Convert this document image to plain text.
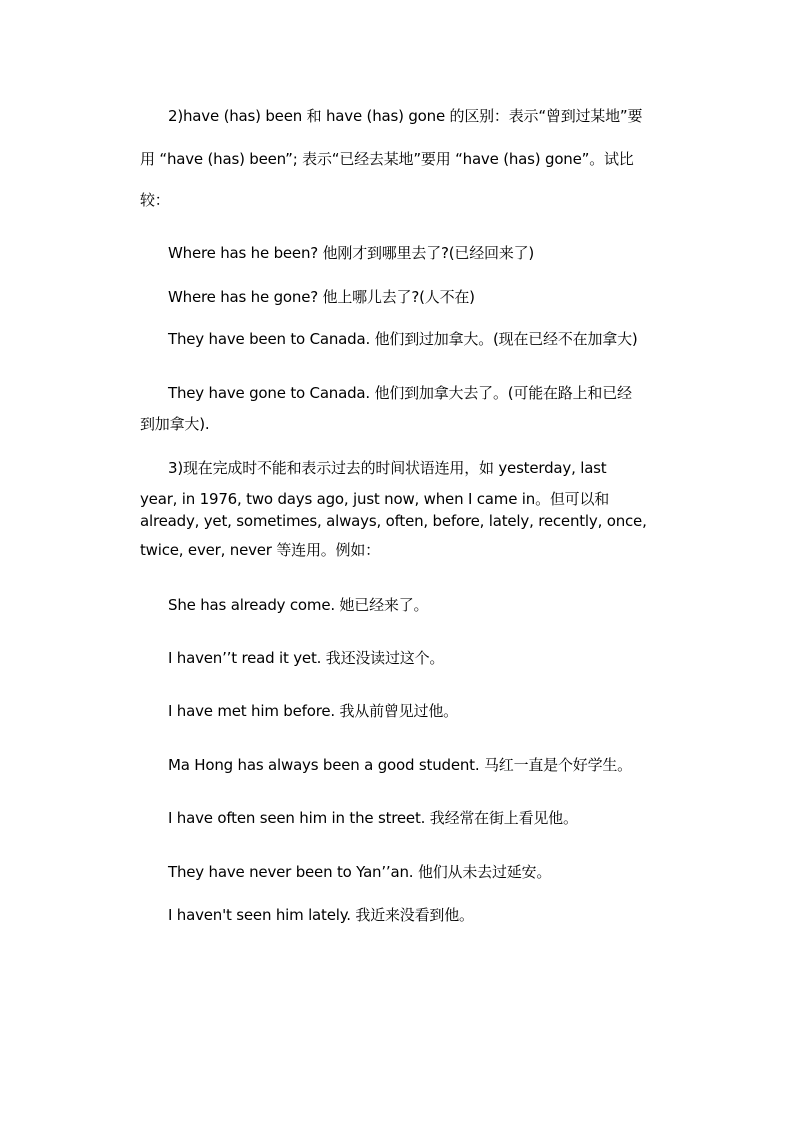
2)have (has) been 和 have (has) gone 的区别：表示“曾到过某地”要
用 “have (has) been”; 表示“已经去某地”要用 “have (has) gone”。试比
较：
Where has he been? 他刚才到哪里去了?(已经回来了)
Where has he gone? 他上哪儿去了?(人不在)
They have been to Canada. 他们到过加拿大。(现在已经不在加拿大)
They have gone to Canada. 他们到加拿大去了。(可能在路上和已经
到加拿大).
3)现在完成时不能和表示过去的时间状语连用，如 yesterday, last
year, in 1976, two days ago, just now, when I came in。但可以和
already, yet, sometimes, always, often, before, lately, recently, once,
twice, ever, never 等连用。例如：
She has already come. 她已经来了。
I haven’’t read it yet. 我还没读过这个。
I have met him before. 我从前曾见过他。
Ma Hong has always been a good student. 马红一直是个好学生。
I have often seen him in the street. 我经常在街上看见他。
They have never been to Yan’’an. 他们从未去过延安。
I haven't seen him lately. 我近来没看到他。
